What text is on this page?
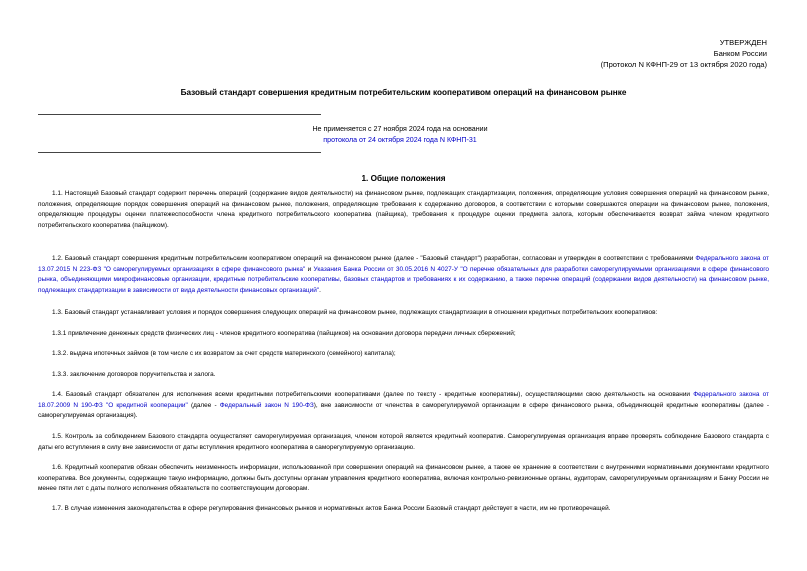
УТВЕРЖДЕН
Банком России
(Протокол N КФНП-29 от 13 октября 2020 года)
Базовый стандарт совершения кредитным потребительским кооперативом операций на финансовом рынке
Не применяется с 27 ноября 2024 года на основании
протокола от 24 октября 2024 года N КФНП-31
1. Общие положения

1.1. Настоящий Базовый стандарт содержит перечень операций (содержание видов деятельности) на финансовом рынке, подлежащих стандартизации, положения, определяющие условия совершения операций на финансовом рынке, положения, определяющие порядок совершения операций на финансовом рынке, положения, определяющие требования к содержанию договоров, в соответствии с которыми совершаются операции на финансовом рынке, положения, определяющие процедуры оценки платежеспособности члена кредитного потребительского кооператива (пайщика), требования к процедуре оценки предмета залога, которым обеспечивается возврат займа членом кредитного потребительского кооператива (пайщиком).

1.2. Базовый стандарт совершения кредитным потребительским кооперативом операций на финансовом рынке (далее - "Базовый стандарт") разработан, согласован и утвержден в соответствии с требованиями Федерального закона от 13.07.2015 N 223-ФЗ "О саморегулируемых организациях в сфере финансового рынка" и Указания Банка России от 30.05.2016 N 4027-У "О перечне обязательных для разработки саморегулируемыми организациями в сфере финансового рынка, объединяющими микрофинансовые организации, кредитные потребительские кооперативы, базовых стандартов и требованиях к их содержанию, а также перечне операций (содержании видов деятельности) на финансовом рынке, подлежащих стандартизации в зависимости от вида деятельности финансовых организаций".

1.3. Базовый стандарт устанавливает условия и порядок совершения следующих операций на финансовом рынке, подлежащих стандартизации в отношении кредитных потребительских кооперативов:

1.3.1 привлечение денежных средств физических лиц - членов кредитного кооператива (пайщиков) на основании договора передачи личных сбережений;

1.3.2. выдача ипотечных займов (в том числе с их возвратом за счет средств материнского (семейного) капитала);

1.3.3. заключение договоров поручительства и залога.

1.4. Базовый стандарт обязателен для исполнения всеми кредитными потребительскими кооперативами (далее по тексту - кредитные кооперативы), осуществляющими свою деятельность на основании Федерального закона от 18.07.2009 N 190-ФЗ "О кредитной кооперации" (далее - Федеральный закон N 190-ФЗ), вне зависимости от членства в саморегулируемой организации в сфере финансового рынка, объединяющей кредитные кооперативы (далее - саморегулируемая организация).

1.5. Контроль за соблюдением Базового стандарта осуществляет саморегулируемая организация, членом которой является кредитный кооператив. Саморегулируемая организация вправе проверять соблюдение Базового стандарта с даты его вступления в силу вне зависимости от даты вступления кредитного кооператива в саморегулируемую организацию.

1.6. Кредитный кооператив обязан обеспечить неизменность информации, использованной при совершении операций на финансовом рынке, а также ее хранение в соответствии с внутренними нормативными документами кредитного кооператива. Все документы, содержащие такую информацию, должны быть доступны органам управления кредитного кооператива, включая контрольно-ревизионные органы, аудиторам, саморегулируемым организациям и Банку России не менее пяти лет с даты полного исполнения обязательств по соответствующим договорам.

1.7. В случае изменения законодательства в сфере регулирования финансовых рынков и нормативных актов Банка России Базовый стандарт действует в части, им не противоречащей.
